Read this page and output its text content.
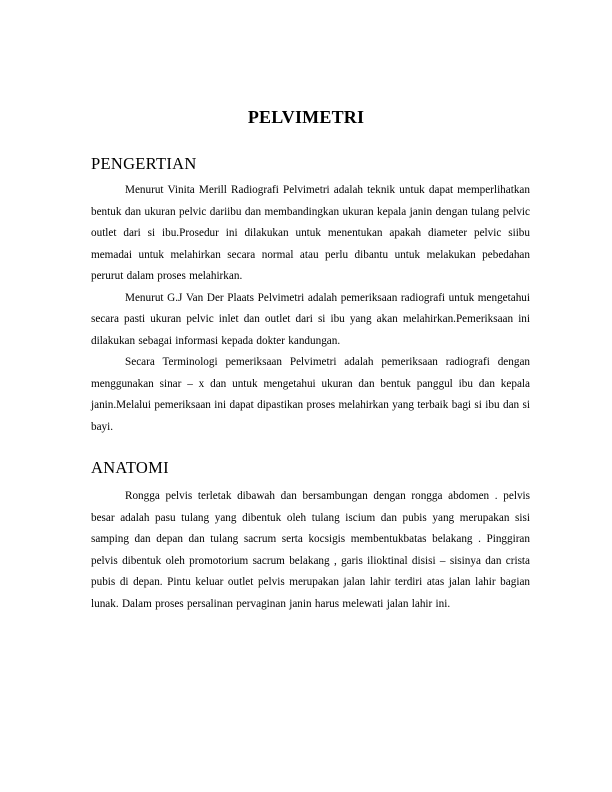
PELVIMETRI
PENGERTIAN

Menurut Vinita Merill Radiografi Pelvimetri adalah teknik untuk dapat memperlihatkan bentuk dan ukuran pelvic dariibu dan membandingkan ukuran kepala janin dengan tulang pelvic outlet dari si ibu.Prosedur ini dilakukan untuk menentukan apakah diameter pelvic siibu memadai untuk melahirkan secara normal atau perlu dibantu untuk melakukan pebedahan perurut dalam proses melahirkan.

Menurut G.J Van Der Plaats Pelvimetri adalah pemeriksaan radiografi untuk mengetahui secara pasti ukuran pelvic inlet dan outlet dari si ibu yang akan melahirkan.Pemeriksaan ini dilakukan sebagai informasi kepada dokter kandungan.

Secara Terminologi pemeriksaan Pelvimetri adalah pemeriksaan radiografi dengan menggunakan sinar – x dan untuk mengetahui ukuran dan bentuk panggul ibu dan kepala janin.Melalui pemeriksaan ini dapat dipastikan proses melahirkan yang terbaik bagi si ibu dan si bayi.

ANATOMI

Rongga pelvis terletak dibawah dan bersambungan dengan rongga abdomen . pelvis besar adalah pasu tulang yang dibentuk oleh tulang iscium dan pubis yang merupakan sisi samping dan depan dan tulang sacrum serta kocsigis membentukbatas belakang . Pinggiran pelvis dibentuk oleh promotorium sacrum belakang , garis ilioktinal disisi – sisinya dan crista pubis di depan. Pintu keluar outlet pelvis merupakan jalan lahir terdiri atas jalan lahir bagian lunak. Dalam proses persalinan pervaginan janin harus melewati jalan lahir ini.
